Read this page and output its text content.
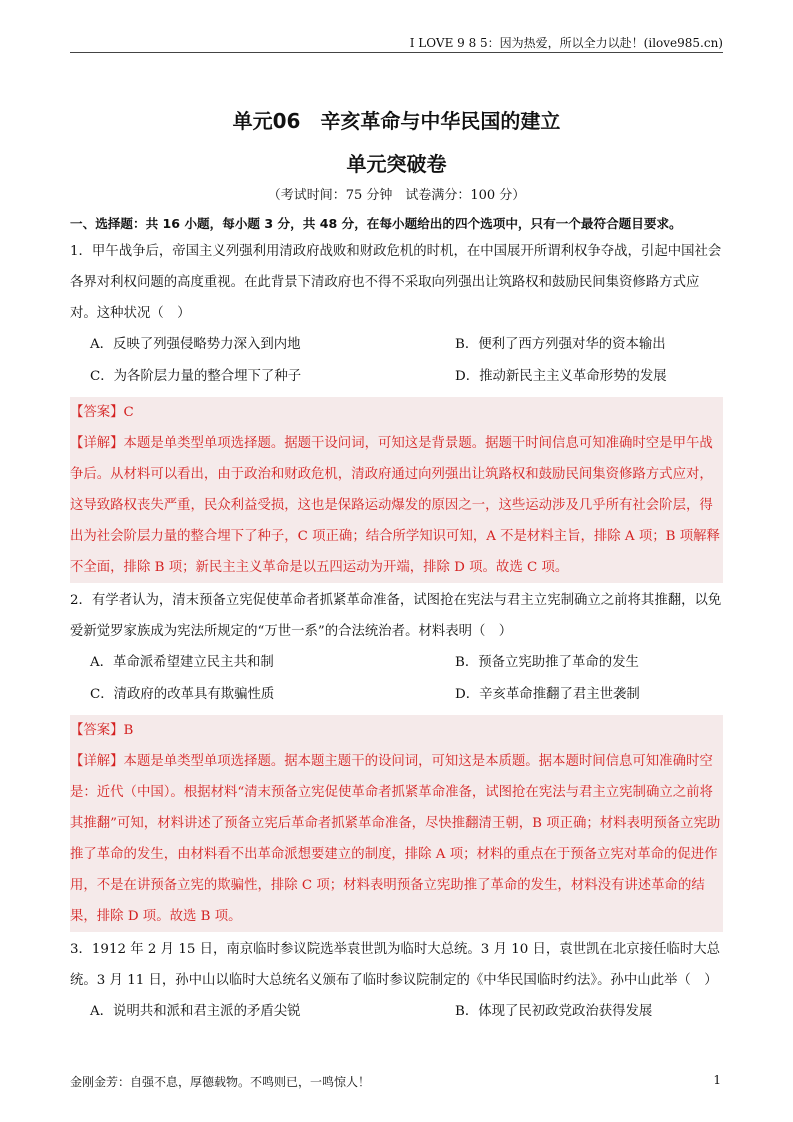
I LOVE 9 8 5：因为热爱，所以全力以赴！(ilove985.cn)
单元06　辛亥革命与中华民国的建立
单元突破卷
（考试时间：75 分钟　试卷满分：100 分）
一、选择题：共 16 小题，每小题 3 分，共 48 分，在每小题给出的四个选项中，只有一个最符合题目要求。
1．甲午战争后，帝国主义列强利用清政府战败和财政危机的时机，在中国展开所谓利权争夺战，引起中国社会各界对利权问题的高度重视。在此背景下清政府也不得不采取向列强出让筑路权和鼓励民间集资修路方式应对。这种状况（　）
A．反映了列强侵略势力深入到内地	B．便利了西方列强对华的资本输出
C．为各阶层力量的整合埋下了种子	D．推动新民主主义革命形势的发展
【答案】C
【详解】本题是单类型单项选择题。据题干设问词，可知这是背景题。据题干时间信息可知准确时空是甲午战争后。从材料可以看出，由于政治和财政危机，清政府通过向列强出让筑路权和鼓励民间集资修路方式应对，这导致路权丧失严重，民众利益受损，这也是保路运动爆发的原因之一，这些运动涉及几乎所有社会阶层，得出为社会阶层力量的整合埋下了种子，C 项正确；结合所学知识可知，A 不是材料主旨，排除 A 项；B 项解释不全面，排除 B 项；新民主主义革命是以五四运动为开端，排除 D 项。故选 C 项。
2．有学者认为，清末预备立宪促使革命者抓紧革命准备，试图抢在宪法与君主立宪制确立之前将其推翻，以免爱新觉罗家族成为宪法所规定的“万世一系”的合法统治者。材料表明（　）
A．革命派希望建立民主共和制	B．预备立宪助推了革命的发生
C．清政府的改革具有欺骗性质	D．辛亥革命推翻了君主世袭制
【答案】B
【详解】本题是单类型单项选择题。据本题主题干的设问词，可知这是本质题。据本题时间信息可知准确时空是：近代（中国）。根据材料“清末预备立宪促使革命者抓紧革命准备，试图抢在宪法与君主立宪制确立之前将其推翻”可知，材料讲述了预备立宪后革命者抓紧革命准备，尽快推翻清王朝，B 项正确；材料表明预备立宪助推了革命的发生，由材料看不出革命派想要建立的制度，排除 A 项；材料的重点在于预备立宪对革命的促进作用，不是在讲预备立宪的欺骗性，排除 C 项；材料表明预备立宪助推了革命的发生，材料没有讲述革命的结果，排除 D 项。故选 B 项。
3．1912 年 2 月 15 日，南京临时参议院选举袁世凯为临时大总统。3 月 10 日，袁世凯在北京接任临时大总统。3 月 11 日，孙中山以临时大总统名义颁布了临时参议院制定的《中华民国临时约法》。孙中山此举（　）
A．说明共和派和君主派的矛盾尖锐	B．体现了民初政党政治获得发展
金刚金芳：自强不息，厚德载物。不鸣则已，一鸣惊人！	1
